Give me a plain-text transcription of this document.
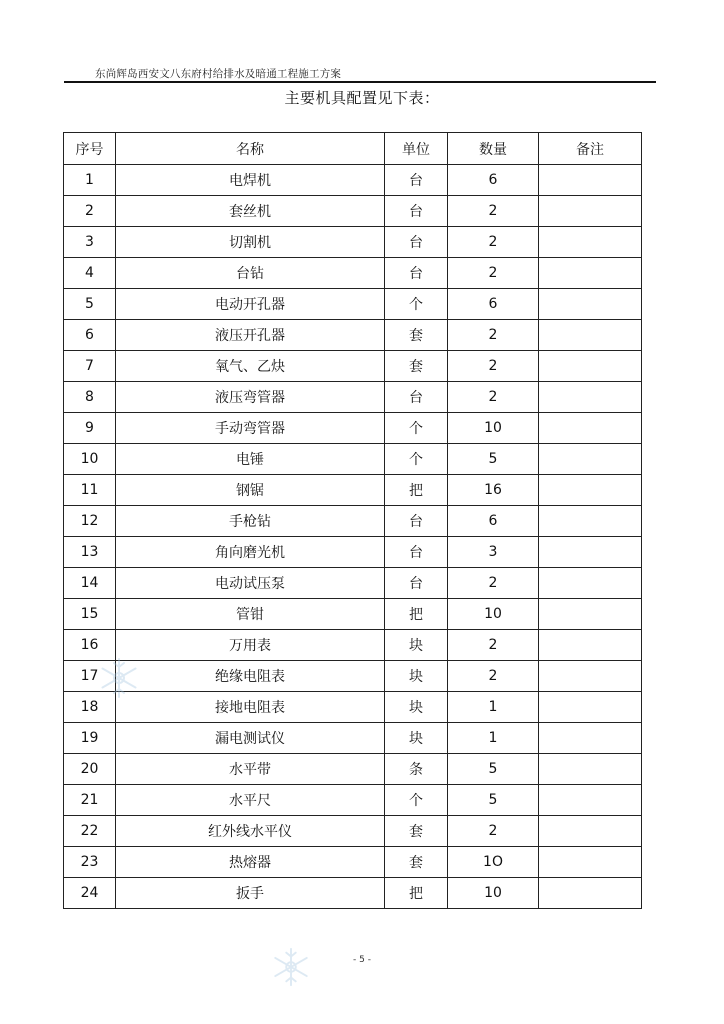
东尚辉岛西安文八东府村给排水及暗通工程施工方案
主要机具配置见下表：
序号	名称	单位	数量	备注
1	电焊机	台	6	
2	套丝机	台	2	
3	切割机	台	2	
4	台钻	台	2	
5	电动开孔器	个	6	
6	液压开孔器	套	2	
7	氧气、乙炔	套	2	
8	液压弯管器	台	2	
9	手动弯管器	个	10	
10	电锤	个	5	
11	钢锯	把	16	
12	手枪钻	台	6	
13	角向磨光机	台	3	
14	电动试压泵	台	2	
15	管钳	把	10	
16	万用表	块	2	
17	绝缘电阻表	块	2	
18	接地电阻表	块	1	
19	漏电测试仪	块	1	
20	水平带	条	5	
21	水平尺	个	5	
22	红外线水平仪	套	2	
23	热熔器	套	1O	
24	扳手	把	10	
- 5 -
